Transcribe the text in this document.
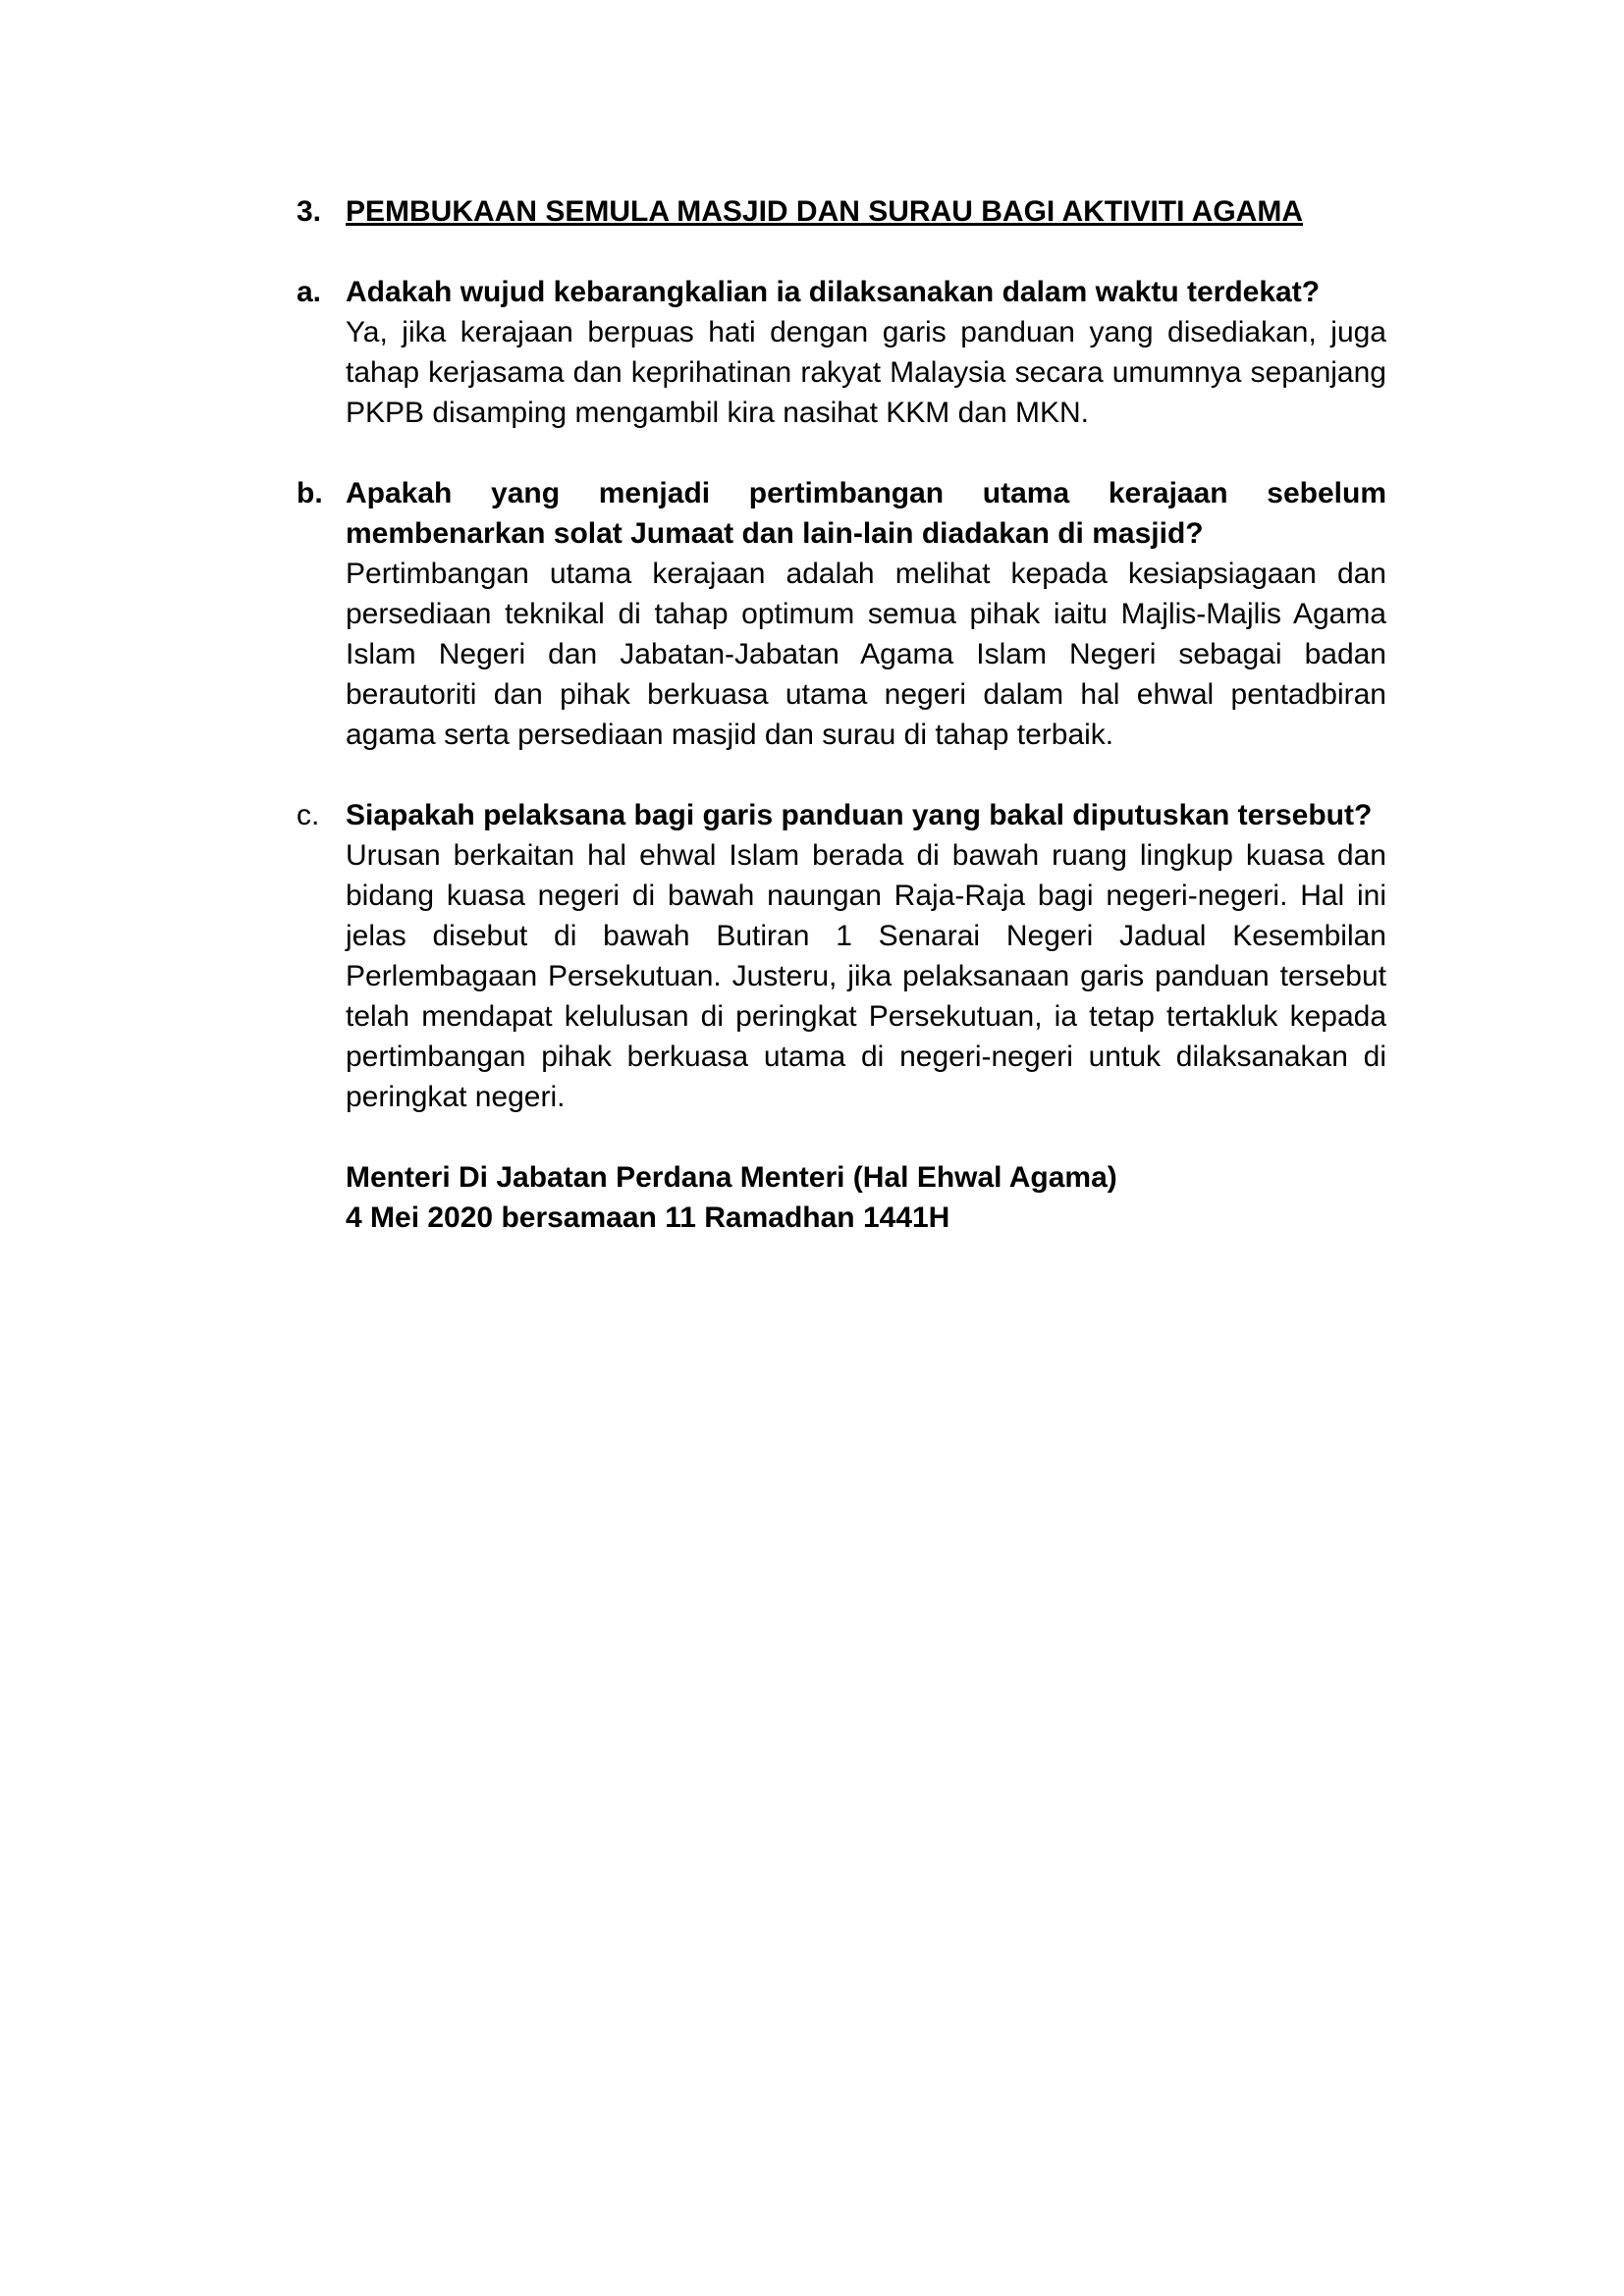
3. PEMBUKAAN SEMULA MASJID DAN SURAU BAGI AKTIVITI AGAMA
a. Adakah wujud kebarangkalian ia dilaksanakan dalam waktu terdekat?

Ya, jika kerajaan berpuas hati dengan garis panduan yang disediakan, juga tahap kerjasama dan keprihatinan rakyat Malaysia secara umumnya sepanjang PKPB disamping mengambil kira nasihat KKM dan MKN.

b. Apakah yang menjadi pertimbangan utama kerajaan sebelum membenarkan solat Jumaat dan lain-lain diadakan di masjid?

Pertimbangan utama kerajaan adalah melihat kepada kesiapsiagaan dan persediaan teknikal di tahap optimum semua pihak iaitu Majlis-Majlis Agama Islam Negeri dan Jabatan-Jabatan Agama Islam Negeri sebagai badan berautoriti dan pihak berkuasa utama negeri dalam hal ehwal pentadbiran agama serta persediaan masjid dan surau di tahap terbaik.

c. Siapakah pelaksana bagi garis panduan yang bakal diputuskan tersebut?

Urusan berkaitan hal ehwal Islam berada di bawah ruang lingkup kuasa dan bidang kuasa negeri di bawah naungan Raja-Raja bagi negeri-negeri. Hal ini jelas disebut di bawah Butiran 1 Senarai Negeri Jadual Kesembilan Perlembagaan Persekutuan. Justeru, jika pelaksanaan garis panduan tersebut telah mendapat kelulusan di peringkat Persekutuan, ia tetap tertakluk kepada pertimbangan pihak berkuasa utama di negeri-negeri untuk dilaksanakan di peringkat negeri.

Menteri Di Jabatan Perdana Menteri (Hal Ehwal Agama)
4 Mei 2020 bersamaan 11 Ramadhan 1441H
